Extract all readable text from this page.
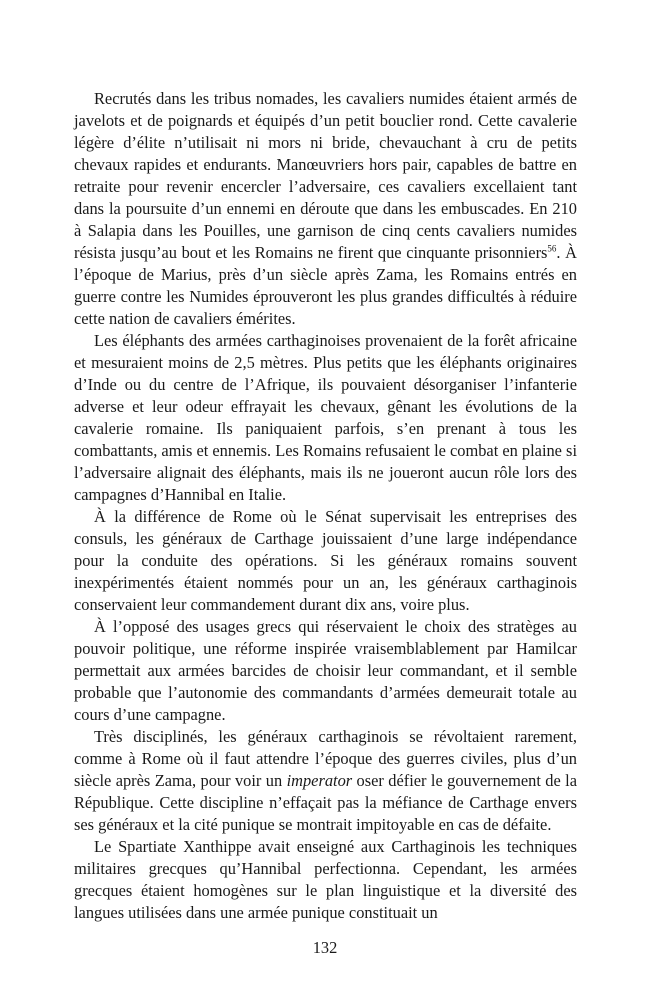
Recrutés dans les tribus nomades, les cavaliers numides étaient armés de javelots et de poignards et équipés d’un petit bouclier rond. Cette cavalerie légère d’élite n’utilisait ni mors ni bride, chevauchant à cru de petits chevaux rapides et endurants. Manœuvriers hors pair, capables de battre en retraite pour revenir encercler l’adversaire, ces cavaliers excellaient tant dans la poursuite d’un ennemi en déroute que dans les embuscades. En 210 à Salapia dans les Pouilles, une garnison de cinq cents cavaliers numides résista jusqu’au bout et les Romains ne firent que cinquante prisonniers$^{56}$. À l’époque de Marius, près d’un siècle après Zama, les Romains entrés en guerre contre les Numides éprouveront les plus grandes difficultés à réduire cette nation de cavaliers émérites.

Les éléphants des armées carthaginoises provenaient de la forêt africaine et mesuraient moins de 2,5 mètres. Plus petits que les éléphants originaires d’Inde ou du centre de l’Afrique, ils pouvaient désorganiser l’infanterie adverse et leur odeur effrayait les chevaux, gênant les évolutions de la cavalerie romaine. Ils paniquaient parfois, s’en prenant à tous les combattants, amis et ennemis. Les Romains refusaient le combat en plaine si l’adversaire alignait des éléphants, mais ils ne joueront aucun rôle lors des campagnes d’Hannibal en Italie.

À la différence de Rome où le Sénat supervisait les entreprises des consuls, les généraux de Carthage jouissaient d’une large indépendance pour la conduite des opérations. Si les généraux romains souvent inexpérimentés étaient nommés pour un an, les généraux carthaginois conservaient leur commandement durant dix ans, voire plus.

À l’opposé des usages grecs qui réservaient le choix des stratèges au pouvoir politique, une réforme inspirée vraisemblablement par Hamilcar permettait aux armées barcides de choisir leur commandant, et il semble probable que l’autonomie des commandants d’armées demeurait totale au cours d’une campagne.

Très disciplinés, les généraux carthaginois se révoltaient rarement, comme à Rome où il faut attendre l’époque des guerres civiles, plus d’un siècle après Zama, pour voir un imperator oser défier le gouvernement de la République. Cette discipline n’effaçait pas la méfiance de Carthage envers ses généraux et la cité punique se montrait impitoyable en cas de défaite.

Le Spartiate Xanthippe avait enseigné aux Carthaginois les techniques militaires grecques qu’Hannibal perfectionna. Cependant, les armées grecques étaient homogènes sur le plan linguistique et la diversité des langues utilisées dans une armée punique constituait un

132
